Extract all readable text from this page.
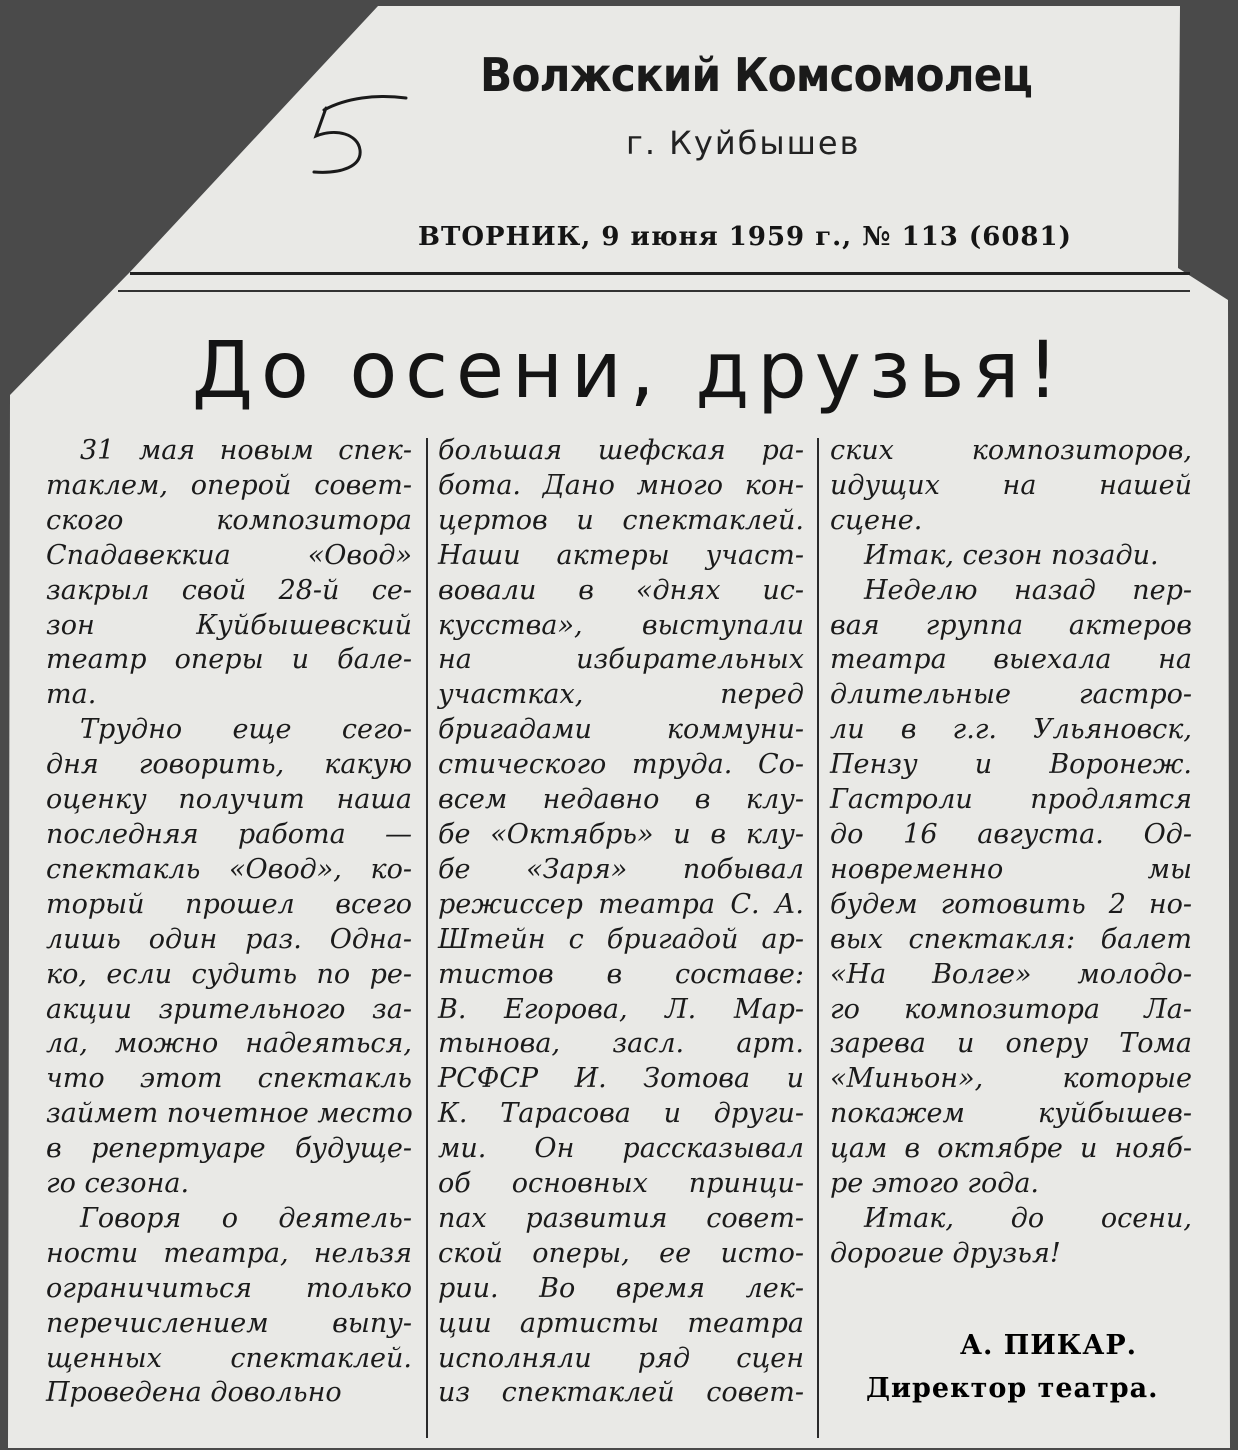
Волжский Комсомолец
г. Куйбышев
ВТОРНИК, 9 июня 1959 г., № 113 (6081)
До осени, друзья!
31 мая новым спек-
таклем, оперой совет-
ского композитора
Спадавеккиа «Овод»
закрыл свой 28-й се-
зон Куйбышевский
театр оперы и бале-
та.
Трудно еще сего-
дня говорить, какую
оценку получит наша
последняя работа —
спектакль «Овод», ко-
торый прошел всего
лишь один раз. Одна-
ко, если судить по ре-
акции зрительного за-
ла, можно надеяться,
что этот спектакль
займет почетное место
в репертуаре будуще-
го сезона.
Говоря о деятель-
ности театра, нельзя
ограничиться только
перечислением выпу-
щенных спектаклей.
Проведена довольно
большая шефская ра-
бота. Дано много кон-
цертов и спектаклей.
Наши актеры участ-
вовали в «днях ис-
кусства», выступали
на избирательных
участках, перед
бригадами коммуни-
стического труда. Со-
всем недавно в клу-
бе «Октябрь» и в клу-
бе «Заря» побывал
режиссер театра С. А.
Штейн с бригадой ар-
тистов в составе:
В. Егорова, Л. Мар-
тынова, засл. арт.
РСФСР И. Зотова и
К. Тарасова и други-
ми. Он рассказывал
об основных принци-
пах развития совет-
ской оперы, ее исто-
рии. Во время лек-
ции артисты театра
исполняли ряд сцен
из спектаклей совет-
ских композиторов,
идущих на нашей
сцене.
Итак, сезон позади.
Неделю назад пер-
вая группа актеров
театра выехала на
длительные гастро-
ли в г.г. Ульяновск,
Пензу и Воронеж.
Гастроли продлятся
до 16 августа. Од-
новременно мы
будем готовить 2 но-
вых спектакля: балет
«На Волге» молодо-
го композитора Ла-
зарева и оперу Тома
«Миньон», которые
покажем куйбышев-
цам в октябре и нояб-
ре этого года.
Итак, до осени,
дорогие друзья!
А. ПИКАР.
Директор театра.
